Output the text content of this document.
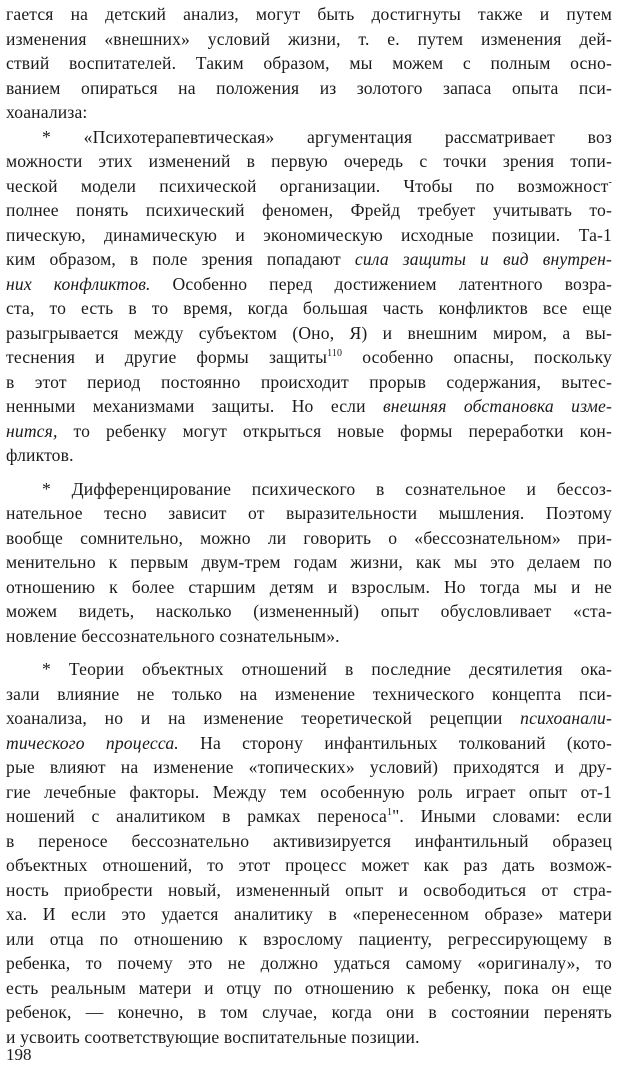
гается на детский анализ, могут быть достигнуты также и путем
изменения «внешних» условий жизни, т. е. путем изменения дей-
ствий воспитателей. Таким образом, мы можем с полным осно-
ванием опираться на положения из золотого запаса опыта пси-
хоанализа:
* «Психотерапевтическая» аргументация рассматривает воз
можности этих изменений в первую очередь с точки зрения топи-
ческой модели психической организации. Чтобы по возможност-
полнее понять психический феномен, Фрейд требует учитывать то-
пическую, динамическую и экономическую исходные позиции. Та-1
ким образом, в поле зрения попадают сила защиты и вид внутрен-
них конфликтов. Особенно перед достижением латентного возра-
ста, то есть в то время, когда большая часть конфликтов все еще
разыгрывается между субъектом (Оно, Я) и внешним миром, а вы-
теснения и другие формы защиты$^{110}$ особенно опасны, поскольку
в этот период постоянно происходит прорыв содержания, вытес-
ненными механизмами защиты. Но если внешняя обстановка изме-
нится, то ребенку могут открыться новые формы переработки кон-
фликтов.
* Дифференцирование психического в сознательное и бессоз-
нательное тесно зависит от выразительности мышления. Поэтому
вообще сомнительно, можно ли говорить о «бессознательном» при-
менительно к первым двум-трем годам жизни, как мы это делаем по
отношению к более старшим детям и взрослым. Но тогда мы и не
можем видеть, насколько (измененный) опыт обусловливает «ста-
новление бессознательного сознательным».
* Теории объектных отношений в последние десятилетия ока-
зали влияние не только на изменение технического концепта пси-
хоанализа, но и на изменение теоретической рецепции психоанали-
тического процесса. На сторону инфантильных толкований (кото-
рые влияют на изменение «топических» условий) приходятся и дру-
гие лечебные факторы. Между тем особенную роль играет опыт от-1
ношений с аналитиком в рамках переноса$^1$". Иными словами: если
в переносе бессознательно активизируется инфантильный образец
объектных отношений, то этот процесс может как раз дать возмож-
ность приобрести новый, измененный опыт и освободиться от стра-
ха. И если это удается аналитику в «перенесенном образе» матери
или отца по отношению к взрослому пациенту, регрессирующему в
ребенка, то почему это не должно удаться самому «оригиналу», то
есть реальным матери и отцу по отношению к ребенку, пока он еще
ребенок, — конечно, в том случае, когда они в состоянии перенять
и усвоить соответствующие воспитательные позиции.
198
